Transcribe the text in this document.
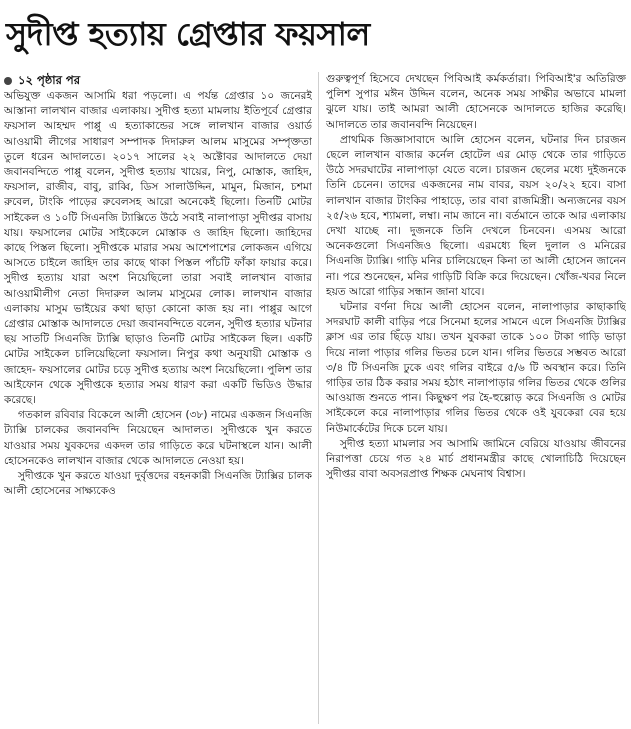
সুদীপ্ত হত্যায় গ্রেপ্তার ফয়সাল
১২ পৃষ্ঠার পর

অভিযুক্ত একজন আসামি ধরা পড়লো। এ পর্যন্ত গ্রেপ্তার ১০ জনেরই আস্তানা লালখান বাজার এলাকায়। সুদীপ্ত হত্যা মামলায় ইতিপূর্বে গ্রেপ্তার ফয়সাল আহম্মদ পাপ্পু এ হত্যাকান্ডের সঙ্গে লালখান বাজার ওয়ার্ড আওয়ামী লীগের সাধারণ সম্পাদক দিদারুল আলম মাসুমের সম্পৃক্ততা তুলে ধরেন আদালতে। ২০১৭ সালের ২২ অক্টোবর আদালতে দেয়া জবানবন্দিতে পাপ্পু বলেন, সুদীপ্ত হত্যায় খায়ের, নিপু, মোস্তাক, জাহিদ, ফয়সাল, রাজীব, বাবু, রাব্বি, ডিস সালাউদ্দিন, মামুন, মিজান, চশমা রুবেল, টাংকি পাড়ের রুবেলসহ আরো অনেকেই ছিলো। তিনটি মোটর সাইকেল ও ১০টি সিএনজি ট্যাক্সিতে উঠে সবাই নালাপাড়া সুদীপ্তর বাসায় যায়। ফয়সালের মোটর সাইকেলে মোস্তাক ও জাহিদ ছিলো। জাহিদের কাছে পিস্তল ছিলো। সুদীপ্তকে মারার সময় আশেপাশের লোকজন এগিয়ে আসতে চাইলে জাহিদ তার কাছে থাকা পিস্তল পাঁচটি ফাঁকা ফায়ার করে। সুদীপ্ত হত্যায় যারা অংশ নিয়েছিলো তারা সবাই লালখান বাজার আওয়ামীলীগ নেতা দিদারুল আলম মাসুমের লোক। লালখান বাজার এলাকায় মাসুম ভাইয়ের কথা ছাড়া কোনো কাজ হয় না। পাপ্পুর আগে গ্রেপ্তার মোস্তাক আদালতে দেয়া জবানবন্দিতে বলেন, সুদীপ্ত হত্যার ঘটনার ছয় সাতটি সিএনজি ট্যাক্সি ছাড়াও তিনটি মোটর সাইকেল ছিল। একটি মোটর সাইকেল চালিয়েছিলো ফয়সাল। নিপুর কথা অনুযায়ী মোস্তাক ও জাহেদ- ফয়সালের মোটর চড়ে সুদীপ্ত হত্যায় অংশ নিয়েছিলো। পুলিশ তার আইফোন থেকে সুদীপ্তকে হত্যার সময় ধারণ করা একটি ভিডিও উদ্ধার করেছে।

গতকাল রবিবার বিকেলে আলী হোসেন (৩৮) নামের একজন সিএনজি ট্যাক্সি চালকের জবানবন্দি নিয়েছেন আদালত। সুদীপ্তকে খুন করতে যাওয়ার সময় যুবকদের একদল তার গাড়িতে করে ঘটনাস্থলে যান। আলী হোসেনকেও লালখান বাজার থেকে আদালতে নেওয়া হয়।

সুদীপ্তকে খুন করতে যাওয়া দুর্বৃত্তদের বহনকারী সিএনজি ট্যাক্সির চালক আলী হোসেনের সাক্ষ্যকেও

গুরুত্বপূর্ণ হিসেবে দেখছেন পিবিআই কর্মকর্তারা। পিবিআই'র অতিরিক্ত পুলিশ সুপার মঈন উদ্দিন বলেন, অনেক সময় সাক্ষীর অভাবে মামলা ঝুলে যায়। তাই আমরা আলী হোসেনকে আদালতে হাজির করেছি। আদালতে তার জবানবন্দি নিয়েছেন।

প্রাথমিক জিজ্ঞাসাবাদে আলি হোসেন বলেন, ঘটনার দিন চারজন ছেলে লালখান বাজার কর্নেল হোটেল এর মোড় থেকে তার গাড়িতে উঠে সদরঘাটের নালাপাড়া যেতে বলে। চারজন ছেলের মধ্যে দুইজনকে তিনি চেনেন। তাদের একজনের নাম বাবর, বয়স ২০/২২ হবে। বাসা লালখান বাজার টাংকির পাহাড়ে, তার বাবা রাজমিস্ত্রী। অন্যজনের বয়স ২৫/২৬ হবে, শ্যামলা, লম্বা। নাম জানে না। বর্তমানে তাকে আর এলাকায় দেখা যাচ্ছে না। দুজনকে তিনি দেখলে চিনবেন। এসময় আরো অনেকগুলো সিএনজিও ছিলো। এরমধ্যে ছিল দুলাল ও মনিরের সিএনজি ট্যাক্সি। গাড়ি মনির চালিয়েছেন কিনা তা আলী হোসেন জানেন না। পরে শুনেছেন, মনির গাড়িটি বিক্রি করে দিয়েছেন। খোঁজ-খবর নিলে হয়ত আরো গাড়ির সন্ধান জানা যাবে।

ঘটনার বর্ণনা দিয়ে আলী হোসেন বলেন, নালাপাড়ার কাছাকাছি সদরঘাট কালী বাড়ির পরে সিনেমা হলের সামনে এলে সিএনজি ট্যাক্সির ক্লাস এর তার ছিঁড়ে যায়। তখন যুবকরা তাকে ১০০ টাকা গাড়ি ভাড়া দিয়ে নালা পাড়ার গলির ভিতর চলে যান। গলির ভিতরে সম্ভবত আরো ৩/৪ টি সিএনজি ঢুকে এবং গলির বাইরে ৫/৬ টি অবস্থান করে। তিনি গাড়ির তার ঠিক করার সময় হঠাৎ নালাপাড়ার গলির ভিতর থেকে গুলির আওয়াজ শুনতে পান। কিছুক্ষণ পর হৈ-হুল্লোড় করে সিএনজি ও মোটর সাইকেলে করে নালাপাড়ার গলির ভিতর থেকে ওই যুবকেরা বের হয়ে নিউমার্কেটের দিকে চলে যায়।

সুদীপ্ত হত্যা মামলার সব আসামি জামিনে বেরিয়ে যাওয়ায় জীবনের নিরাপত্তা চেয়ে গত ২৪ মার্চ প্রধানমন্ত্রীর কাছে খোলাচিঠি দিয়েছেন সুদীপ্তর বাবা অবসরপ্রাপ্ত শিক্ষক মেঘনাথ বিশ্বাস।
